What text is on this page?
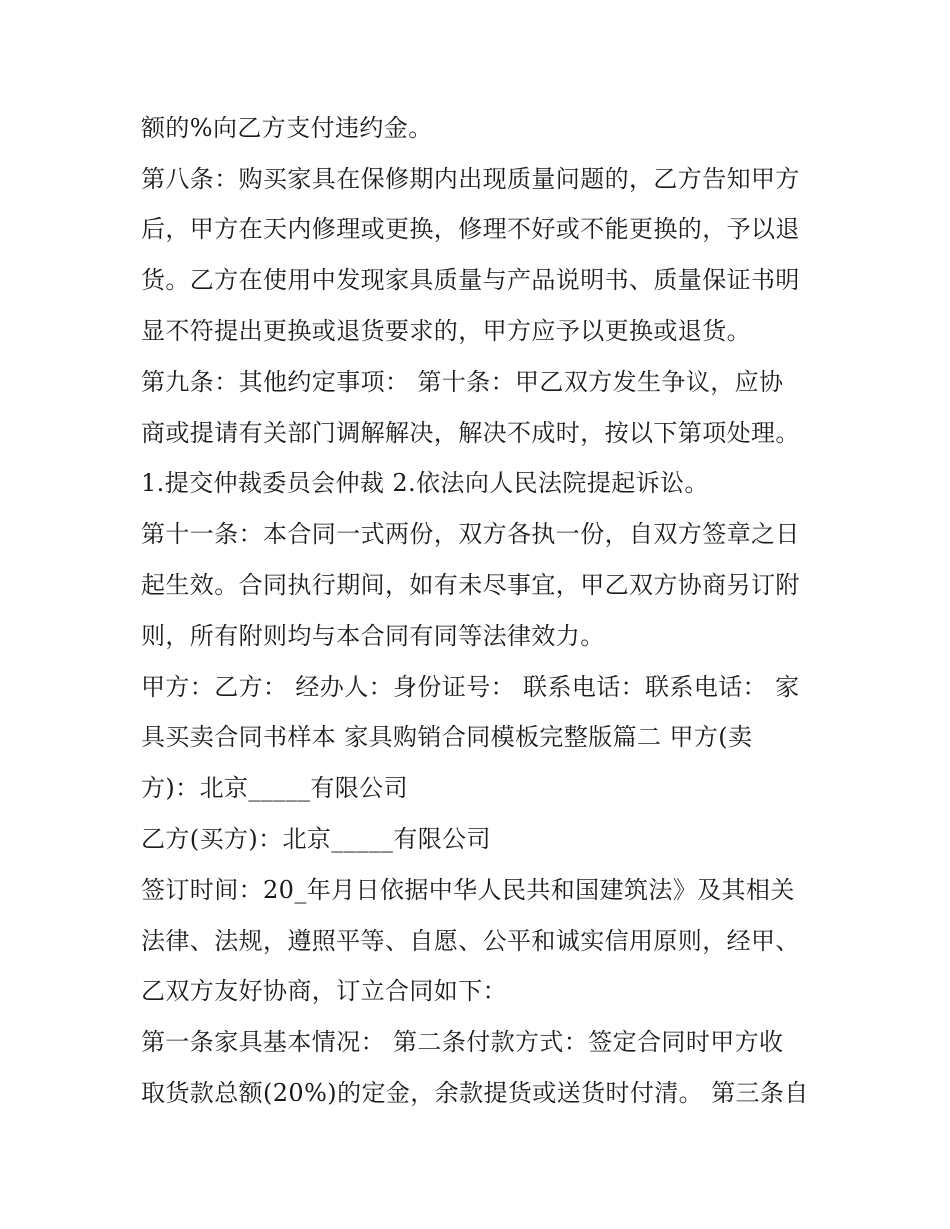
额的%向乙方支付违约金。
第八条：购买家具在保修期内出现质量问题的，乙方告知甲方
后，甲方在天内修理或更换，修理不好或不能更换的，予以退
货。乙方在使用中发现家具质量与产品说明书、质量保证书明
显不符提出更换或退货要求的，甲方应予以更换或退货。
第九条：其他约定事项： 第十条：甲乙双方发生争议，应协
商或提请有关部门调解解决，解决不成时，按以下第项处理。
1.提交仲裁委员会仲裁 2.依法向人民法院提起诉讼。
第十一条：本合同一式两份，双方各执一份，自双方签章之日
起生效。合同执行期间，如有未尽事宜，甲乙双方协商另订附
则，所有附则均与本合同有同等法律效力。
甲方：乙方： 经办人：身份证号： 联系电话：联系电话： 家
具买卖合同书样本 家具购销合同模板完整版篇二 甲方(卖
方)：北京_____有限公司
乙方(买方)：北京_____有限公司
签订时间：20_年月日依据中华人民共和国建筑法》及其相关
法律、法规，遵照平等、自愿、公平和诚实信用原则，经甲、
乙双方友好协商，订立合同如下：
第一条家具基本情况： 第二条付款方式：签定合同时甲方收
取货款总额(20%)的定金，余款提货或送货时付清。 第三条自
